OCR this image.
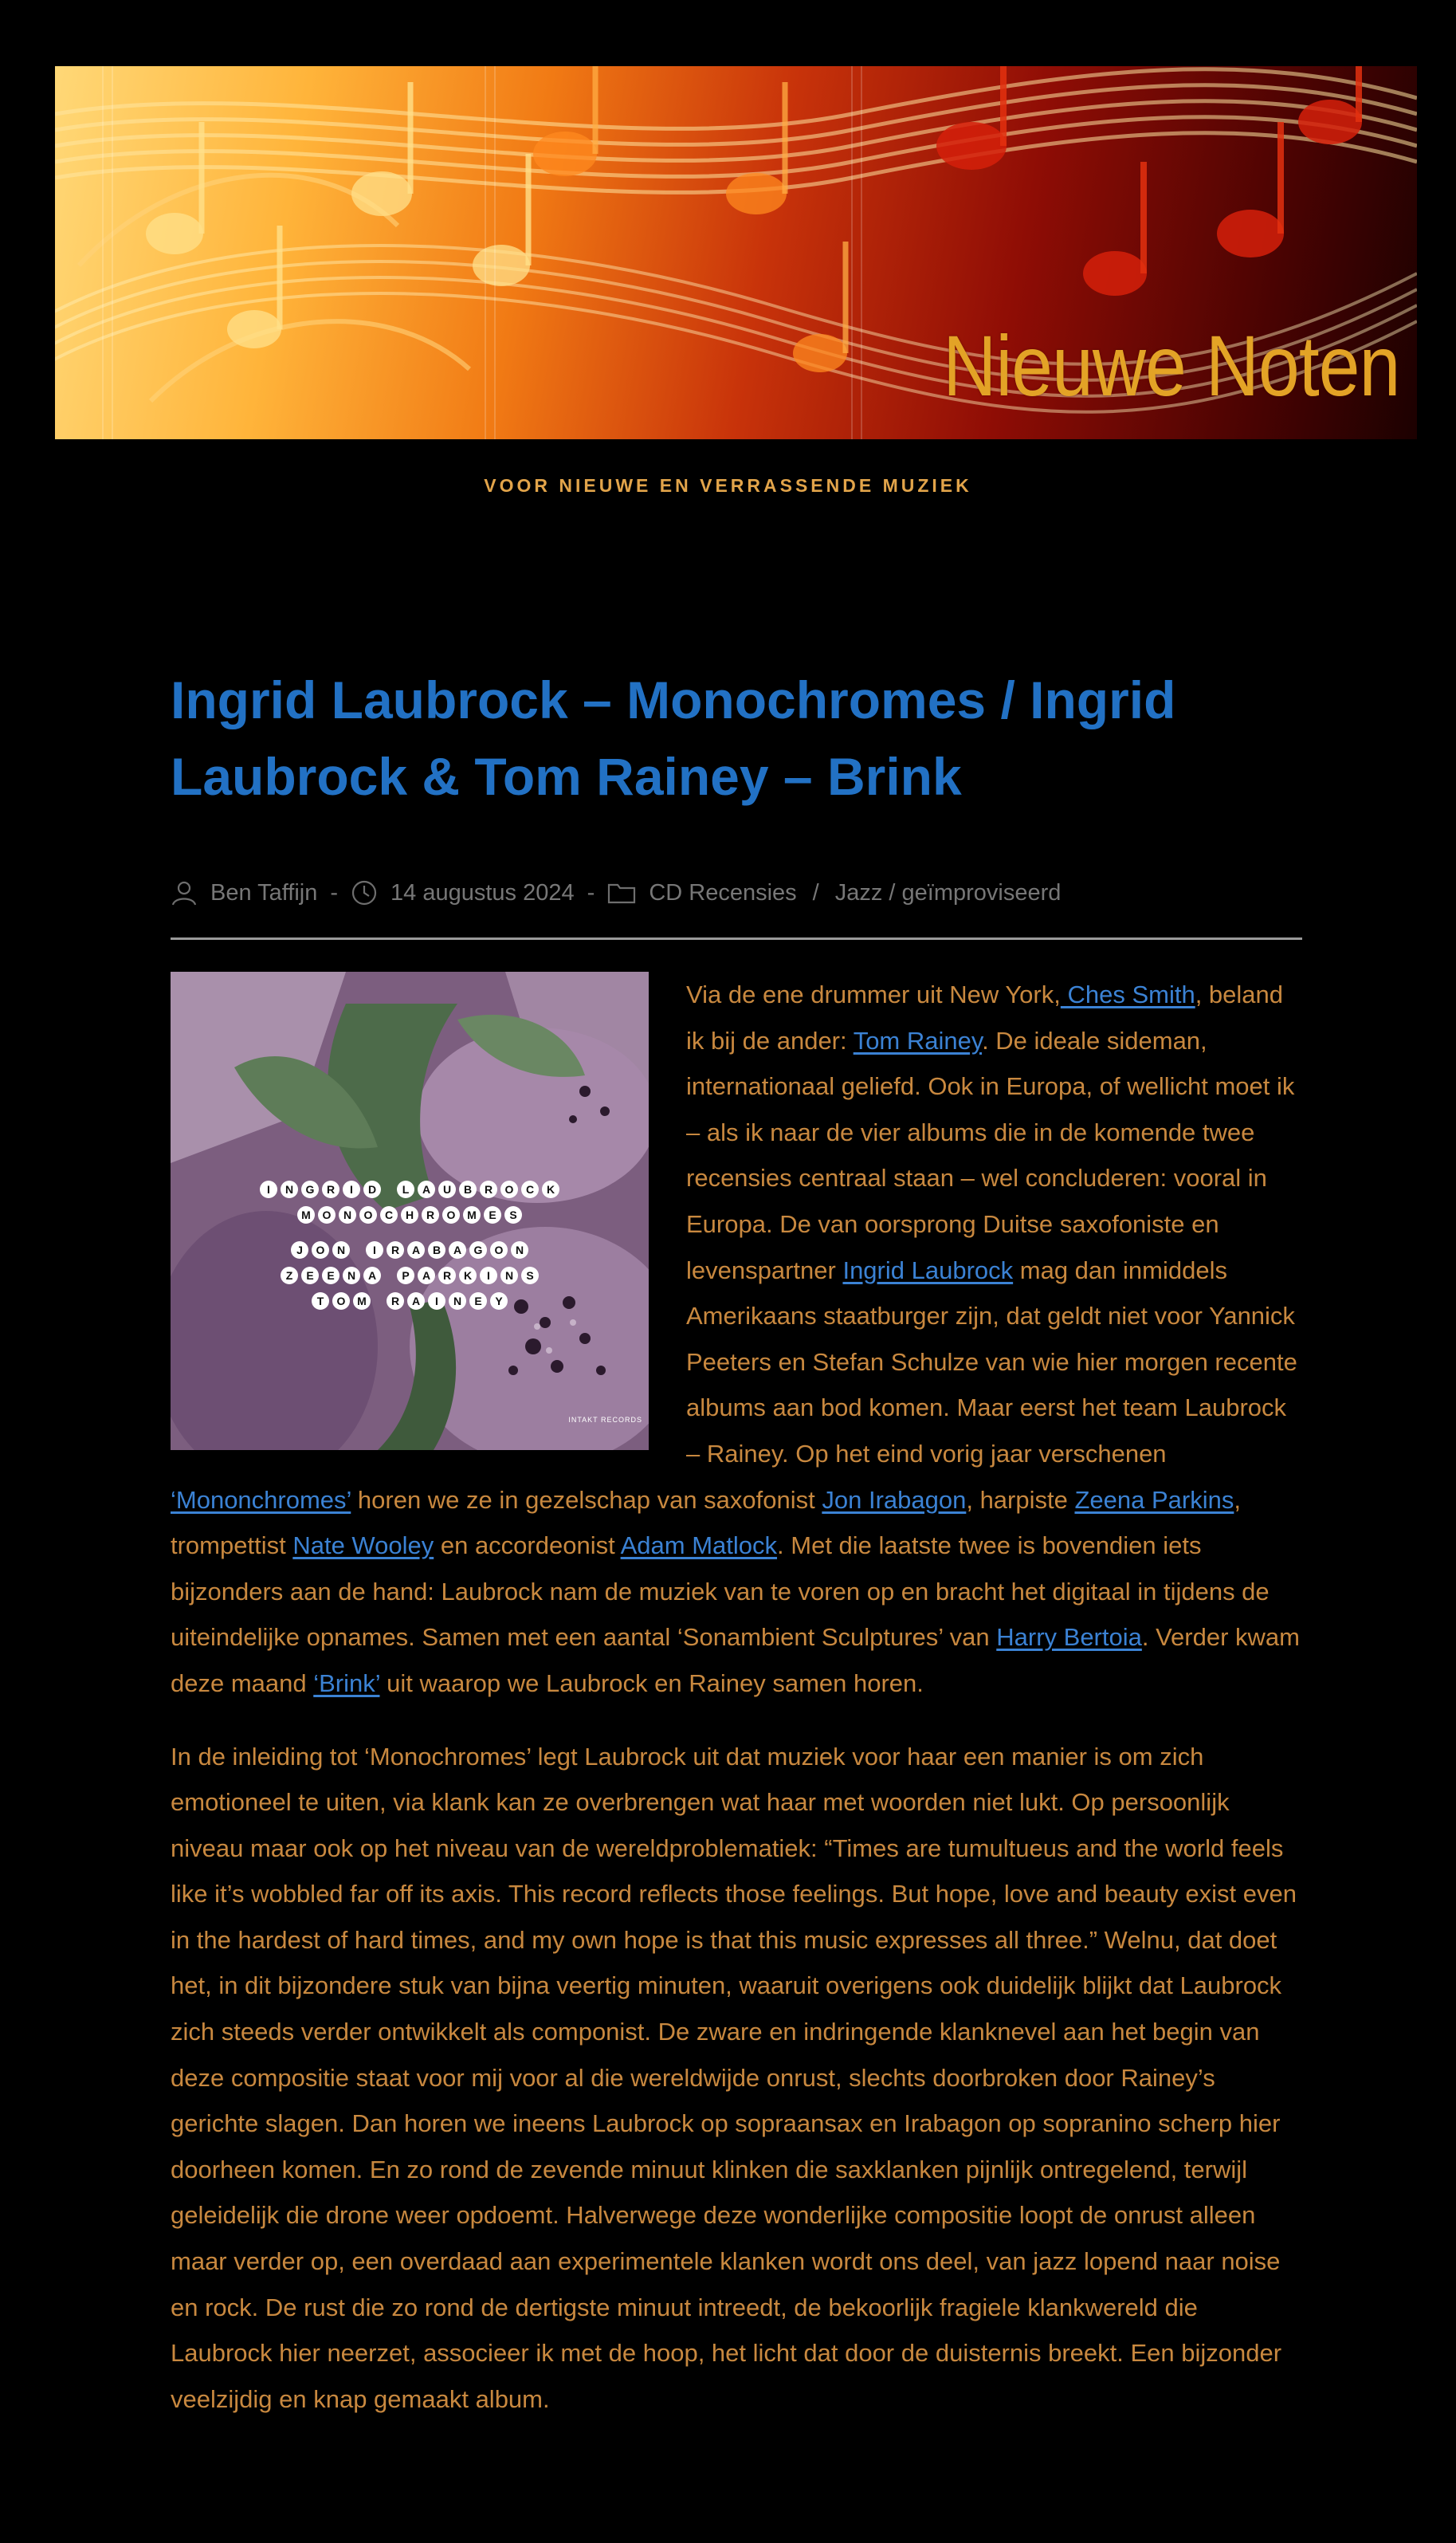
Nieuwe Noten
VOOR NIEUWE EN VERRASSENDE MUZIEK
Ingrid Laubrock – Monochromes / Ingrid Laubrock & Tom Rainey – Brink
Ben Taffijn - 14 augustus 2024 - CD Recensies / Jazz / geïmproviseerd
I	N	G	R	I	D	L	A	U	B	R	O	C	K
M	O	N	O	C	H	R	O	M	E	S
J	O	N	I	R	A	B	A	G	O	N
Z	E	E	N	A	P	A	R	K	I	N	S
T	O	M	R	A	I	N	E	Y
INTAKT RECORDS

Via de ene drummer uit New York, Ches Smith, beland ik bij de ander: Tom Rainey. De ideale sideman, internationaal geliefd. Ook in Europa, of wellicht moet ik – als ik naar de vier albums die in de komende twee recensies centraal staan – wel concluderen: vooral in Europa. De van oorsprong Duitse saxofoniste en levenspartner Ingrid Laubrock mag dan inmiddels Amerikaans staatburger zijn, dat geldt niet voor Yannick Peeters en Stefan Schulze van wie hier morgen recente albums aan bod komen. Maar eerst het team Laubrock – Rainey. Op het eind vorig jaar verschenen ‘Mononchromes’ horen we ze in gezelschap van saxofonist Jon Irabagon, harpiste Zeena Parkins, trompettist Nate Wooley en accordeonist Adam Matlock. Met die laatste twee is bovendien iets bijzonders aan de hand: Laubrock nam de muziek van te voren op en bracht het digitaal in tijdens de uiteindelijke opnames. Samen met een aantal ‘Sonambient Sculptures’ van Harry Bertoia. Verder kwam deze maand ‘Brink’ uit waarop we Laubrock en Rainey samen horen.

In de inleiding tot ‘Monochromes’ legt Laubrock uit dat muziek voor haar een manier is om zich emotioneel te uiten, via klank kan ze overbrengen wat haar met woorden niet lukt. Op persoonlijk niveau maar ook op het niveau van de wereldproblematiek: “Times are tumultueus and the world feels like it’s wobbled far off its axis. This record reflects those feelings. But hope, love and beauty exist even in the hardest of hard times, and my own hope is that this music expresses all three.” Welnu, dat doet het, in dit bijzondere stuk van bijna veertig minuten, waaruit overigens ook duidelijk blijkt dat Laubrock zich steeds verder ontwikkelt als componist. De zware en indringende klanknevel aan het begin van deze compositie staat voor mij voor al die wereldwijde onrust, slechts doorbroken door Rainey’s gerichte slagen. Dan horen we ineens Laubrock op sopraansax en Irabagon op sopranino scherp hier doorheen komen. En zo rond de zevende minuut klinken die saxklanken pijnlijk ontregelend, terwijl geleidelijk die drone weer opdoemt. Halverwege deze wonderlijke compositie loopt de onrust alleen maar verder op, een overdaad aan experimentele klanken wordt ons deel, van jazz lopend naar noise en rock. De rust die zo rond de dertigste minuut intreedt, de bekoorlijk fragiele klankwereld die Laubrock hier neerzet, associeer ik met de hoop, het licht dat door de duisternis breekt. Een bijzonder veelzijdig en knap gemaakt album.
